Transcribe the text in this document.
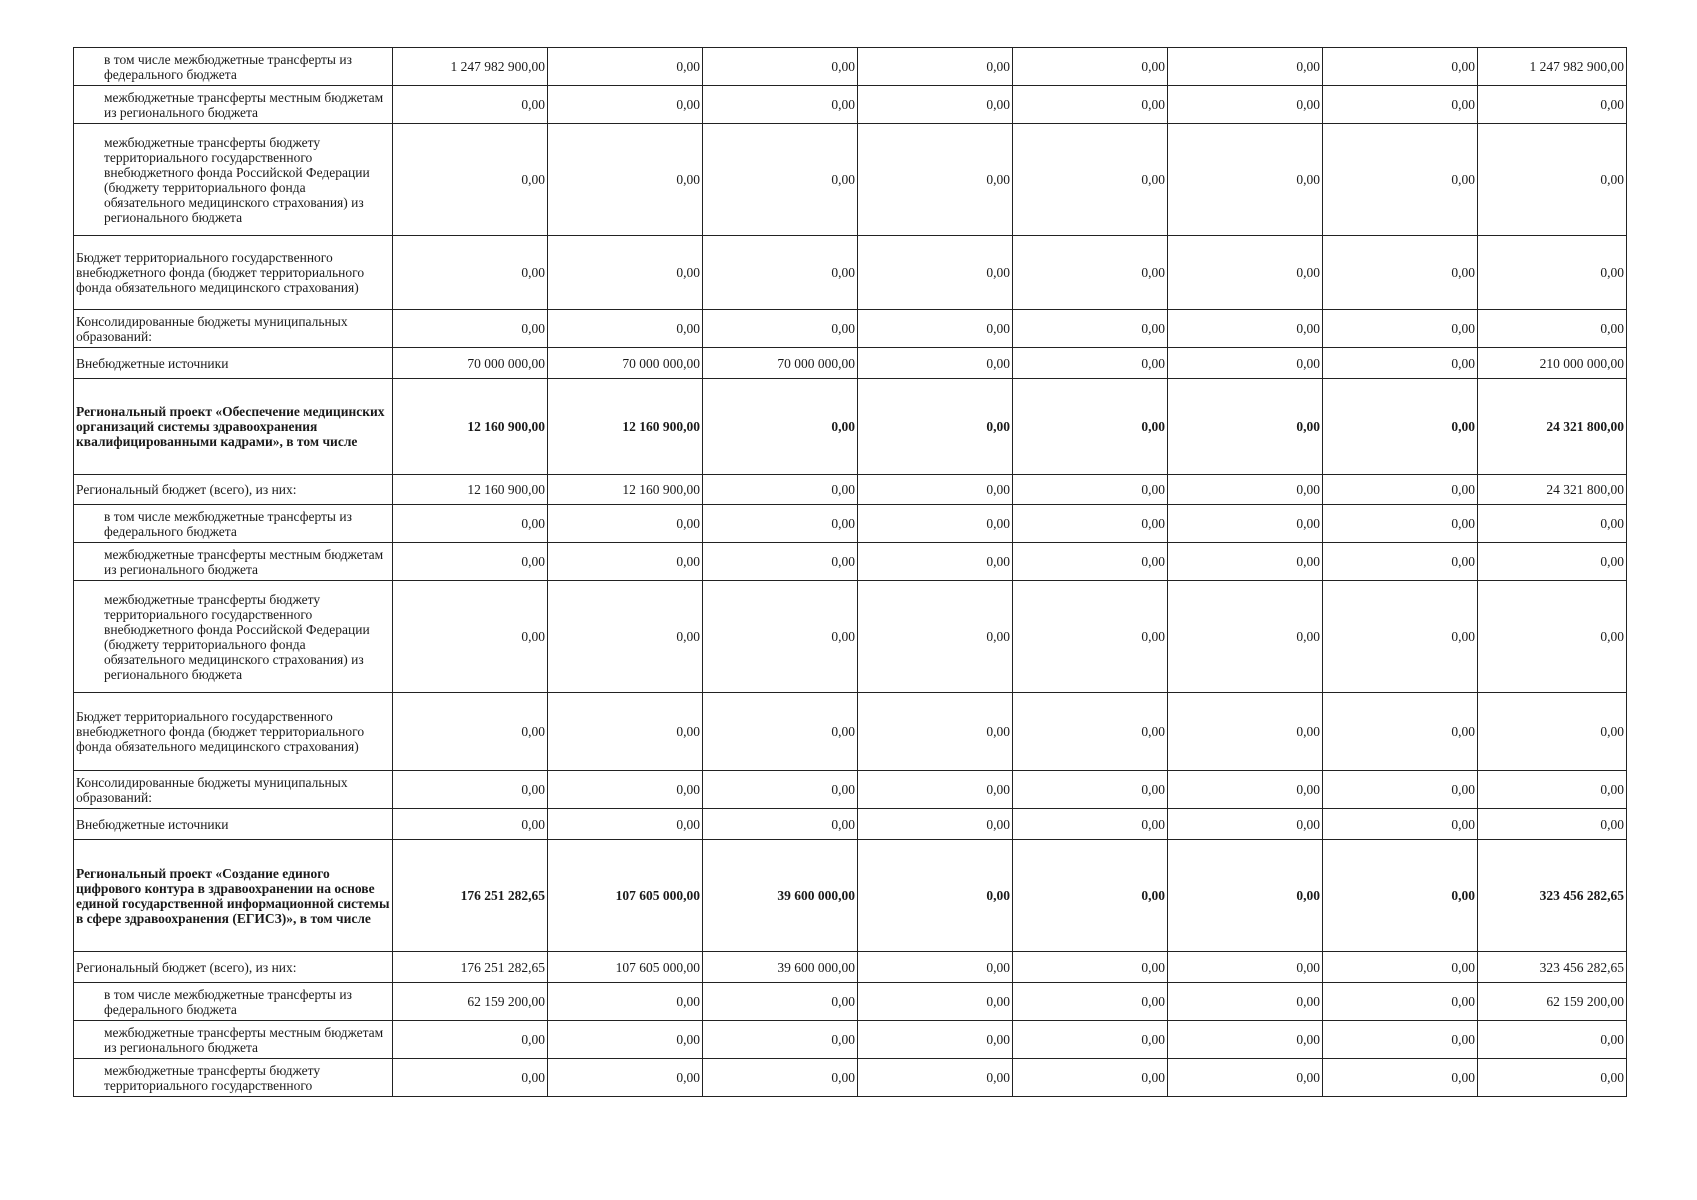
в том числе межбюджетные трансферты из федерального бюджета	1 247 982 900,00	0,00	0,00	0,00	0,00	0,00	0,00	1 247 982 900,00
межбюджетные трансферты местным бюджетам из регионального бюджета	0,00	0,00	0,00	0,00	0,00	0,00	0,00	0,00
межбюджетные трансферты бюджету территориального государственного внебюджетного фонда Российской Федерации (бюджету территориального фонда обязательного медицинского страхования) из регионального бюджета	0,00	0,00	0,00	0,00	0,00	0,00	0,00	0,00
Бюджет территориального государственного внебюджетного фонда (бюджет территориального фонда обязательного медицинского страхования)	0,00	0,00	0,00	0,00	0,00	0,00	0,00	0,00
Консолидированные бюджеты муниципальных образований:	0,00	0,00	0,00	0,00	0,00	0,00	0,00	0,00
Внебюджетные источники	70 000 000,00	70 000 000,00	70 000 000,00	0,00	0,00	0,00	0,00	210 000 000,00
Региональный проект «Обеспечение медицинских организаций системы здравоохранения квалифицированными кадрами», в том числе	12 160 900,00	12 160 900,00	0,00	0,00	0,00	0,00	0,00	24 321 800,00
Региональный бюджет (всего), из них:	12 160 900,00	12 160 900,00	0,00	0,00	0,00	0,00	0,00	24 321 800,00
в том числе межбюджетные трансферты из федерального бюджета	0,00	0,00	0,00	0,00	0,00	0,00	0,00	0,00
межбюджетные трансферты местным бюджетам из регионального бюджета	0,00	0,00	0,00	0,00	0,00	0,00	0,00	0,00
межбюджетные трансферты бюджету территориального государственного внебюджетного фонда Российской Федерации (бюджету территориального фонда обязательного медицинского страхования) из регионального бюджета	0,00	0,00	0,00	0,00	0,00	0,00	0,00	0,00
Бюджет территориального государственного внебюджетного фонда (бюджет территориального фонда обязательного медицинского страхования)	0,00	0,00	0,00	0,00	0,00	0,00	0,00	0,00
Консолидированные бюджеты муниципальных образований:	0,00	0,00	0,00	0,00	0,00	0,00	0,00	0,00
Внебюджетные источники	0,00	0,00	0,00	0,00	0,00	0,00	0,00	0,00
Региональный проект «Создание единого цифрового контура в здравоохранении на основе единой государственной информационной системы в сфере здравоохранения (ЕГИСЗ)», в том числе	176 251 282,65	107 605 000,00	39 600 000,00	0,00	0,00	0,00	0,00	323 456 282,65
Региональный бюджет (всего), из них:	176 251 282,65	107 605 000,00	39 600 000,00	0,00	0,00	0,00	0,00	323 456 282,65
в том числе межбюджетные трансферты из федерального бюджета	62 159 200,00	0,00	0,00	0,00	0,00	0,00	0,00	62 159 200,00
межбюджетные трансферты местным бюджетам из регионального бюджета	0,00	0,00	0,00	0,00	0,00	0,00	0,00	0,00
межбюджетные трансферты бюджету территориального государственного	0,00	0,00	0,00	0,00	0,00	0,00	0,00	0,00
